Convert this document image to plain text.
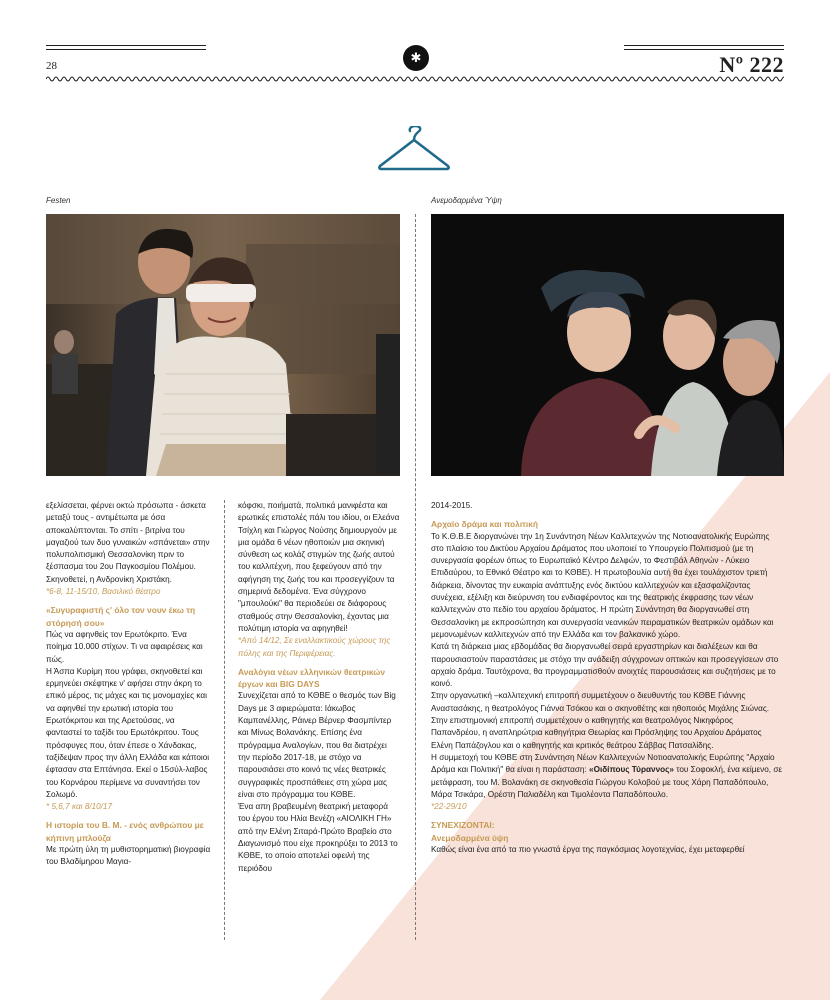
28
✱	Nº 222
Festen	Ανεμοδαρμένα Ύψη

εξελίσσεται, φέρνει οκτώ πρόσωπα - άσκετα μεταξύ τους - αντιμέτωπα με όσα αποκαλύπτονται. Το σπίτι - βιτρίνα του μαγαζιού των δυο γυναικών «σπάνεται» στην πολυπολιτισμική Θεσσαλονίκη πριν το ξέσπασμα του 2ου Παγκοσμίου Πολέμου. Σκηνοθετεί, η Ανδρονίκη Χριστάκη.

*6-8, 11-15/10, Βασιλικό θέατρο

«Συγυραφιστή ς' όλο τον νουν έκω τη στόρησή σου»

Πώς να αφηνθείς τον Ερωτόκριτο. Ένα ποίημα 10.000 στίχων. Τι να αφαιρέσεις και πώς.

Η Άσπα Κυρίμη που γράφει, σκηνοθετεί και ερμηνεύει σκέφτηκε ν' αφήσει στην άκρη το επικό μέρος, τις μάχες και τις μονομαχίες και να αφηνθεί την ερωτική ιστορία του Ερωτόκριτου και της Αρετούσας, να φανταστεί το ταξίδι του Ερωτόκριτου. Τους πρόσφυγες που, όταν έπεσε ο Χάνδακας, ταξίδεψαν προς την άλλη Ελλάδα και κάποιοι έφτασαν στα Επτάνησα. Εκεί ο 15σύλ-λαβος του Κορνάρου περίμενε να συναντήσει τον Σολωμό.

* 5,6,7 και 8/10/17

Η ιστορία του Β. Μ. - ενός ανθρώπου με κήπινη μπλούζα

Με πρώτη ύλη τη μυθιστορηματική βιογραφία του Βλαδίμηρου Μαγια-

κόφσκι, ποιήματά, πολιτικά μανιφέστα και ερωτικές επιστολές πάλι του ιδίου, οι Ελεάνα Τσίχλη και Γιώργος Νούσης δημιουργούν με μια ομάδα 6 νέων ηθοποιών μια σκηνική σύνθεση ως κολάζ στιγμών της ζωής αυτού του καλλιτέχνη, που ξεφεύγουν από την αφήγηση της ζωής του και προσεγγίζουν τα σημερινά δεδομένα. Ένα σύγχρονο "μπουλούκι" θα περιοδεύει σε διάφορους σταθμούς στην Θεσσαλονίκη, έχοντας μια πολύτιμη ιστορία να αφηγηθεί!

*Από 14/12, Σε εναλλακτικούς χώρους της πόλης και της Περιφέρειας.

Αναλόγια νέων ελληνικών θεατρικών έργων και BIG DAYS

Συνεχίζεται από το ΚΘΒΕ ο θεσμός των Big Days με 3 αφιερώματα: Ιάκωβος Καμπανέλλης, Ράινερ Βέρνερ Φασμπίντερ και Μίνως Βολανάκης. Επίσης ένα πρόγραμμα Αναλογίων, που θα διατρέχει την περίοδο 2017-18, με στόχο να παρουσιάσει στο κοινό τις νέες θεατρικές συγγραφικές προσπάθειες στη χώρα μας είναι στο πρόγραμμα του ΚΘΒΕ.

Ένα απη βραβευμένη θεατρική μεταφορά του έργου του Ηλία Βενέζη «ΑΙΟΛΙΚΗ ΓΗ» από την Ελένη Σιταρά-Πρώτο Βραβείο στο Διαγωνισμό που είχε προκηρύξει το 2013 το ΚΘΒΕ, το οποίο αποτελεί οφειλή της περιόδου

2014-2015.

Αρχαίο δράμα και πολιτική

Το Κ.Θ.Β.Ε διοργανώνει την 1η Συνάντηση Νέων Καλλιτεχνών της Νοτιοανατολικής Ευρώπης στο πλαίσιο του Δικτύου Αρχαίου Δράματος που υλοποιεί το Υπουργείο Πολιτισμού (με τη συνεργασία φορέων όπως το Ευρωπαϊκό Κέντρο Δελφών, το Φεστιβάλ Αθηνών - Λύκειο Επιδαύρου, το Εθνικό Θέατρο και το ΚΘΒΕ). Η πρωτοβουλία αυτή θα έχει τουλάχιστον τριετή διάρκεια, δίνοντας την ευκαιρία ανάπτυξης ενός δικτύου καλλιτεχνών και εξασφαλίζοντας συνέχεια, εξέλιξη και διεύρυνση του ενδιαφέροντος και της θεατρικής έκφρασης των νέων καλλιτεχνών στο πεδίο του αρχαίου δράματος. Η πρώτη Συνάντηση θα διοργανωθεί στη Θεσσαλονίκη με εκπροσώπηση και συνεργασία νεανικών πειραματικών θεατρικών ομάδων και μεμονωμένων καλλιτεχνών από την Ελλάδα και τον βαλκανικό χώρο.

Κατά τη διάρκεια μιας εβδομάδας θα διοργανωθεί σειρά εργαστηρίων και διαλέξεων και θα παρουσιαστούν παραστάσεις με στόχο την ανάδειξη σύγχρονων οπτικών και προσεγγίσεων στο αρχαίο δράμα. Ταυτόχρονα, θα προγραμματισθούν ανοιχτές παρουσιάσεις και συζητήσεις με το κοινό.

Στην οργανωτική –καλλιτεχνική επιτροπή συμμετέχουν ο διευθυντής του ΚΘΒΕ Γιάννης Αναστασάκης, η θεατρολόγος Γιάννα Τσόκου και ο σκηνοθέτης και ηθοποιός Μιχάλης Σιώνας. Στην επιστημονική επιτροπή συμμετέχουν ο καθηγητής και θεατρολόγος Νικηφόρος Παπανδρέου, η αναπληρώτρια καθηγήτρια Θεωρίας και Πρόσληψης του Αρχαίου Δράματος Ελένη Παπάζογλου και ο καθηγητής και κριτικός θεάτρου Σάββας Πατσαλίδης.

Η συμμετοχή του ΚΘΒΕ στη Συνάντηση Νέων Καλλιτεχνών Νοτιοανατολικής Ευρώπης "Αρχαίο Δράμα και Πολιτική" θα είναι η παράσταση: «Οιδίπους Τύραννος» του Σοφοκλή, ένα κείμενο, σε μετάφραση, του Μ. Βολανάκη σε σκηνοθεσία Γιώργου Κολοβού με τους Χάρη Παπαδόπουλο, Μάρα Τσικάρα, Ορέστη Παλιαδέλη και Τιμολέοντα Παπαδόπουλο.

*22-29/10

ΣΥΝΕΧΙΖΟΝΤΑΙ:
Ανεμοδαρμένα ύψη

Καθώς είναι ένα από τα πιο γνωστά έργα της παγκόσμιας λογοτεχνίας, έχει μεταφερθεί
